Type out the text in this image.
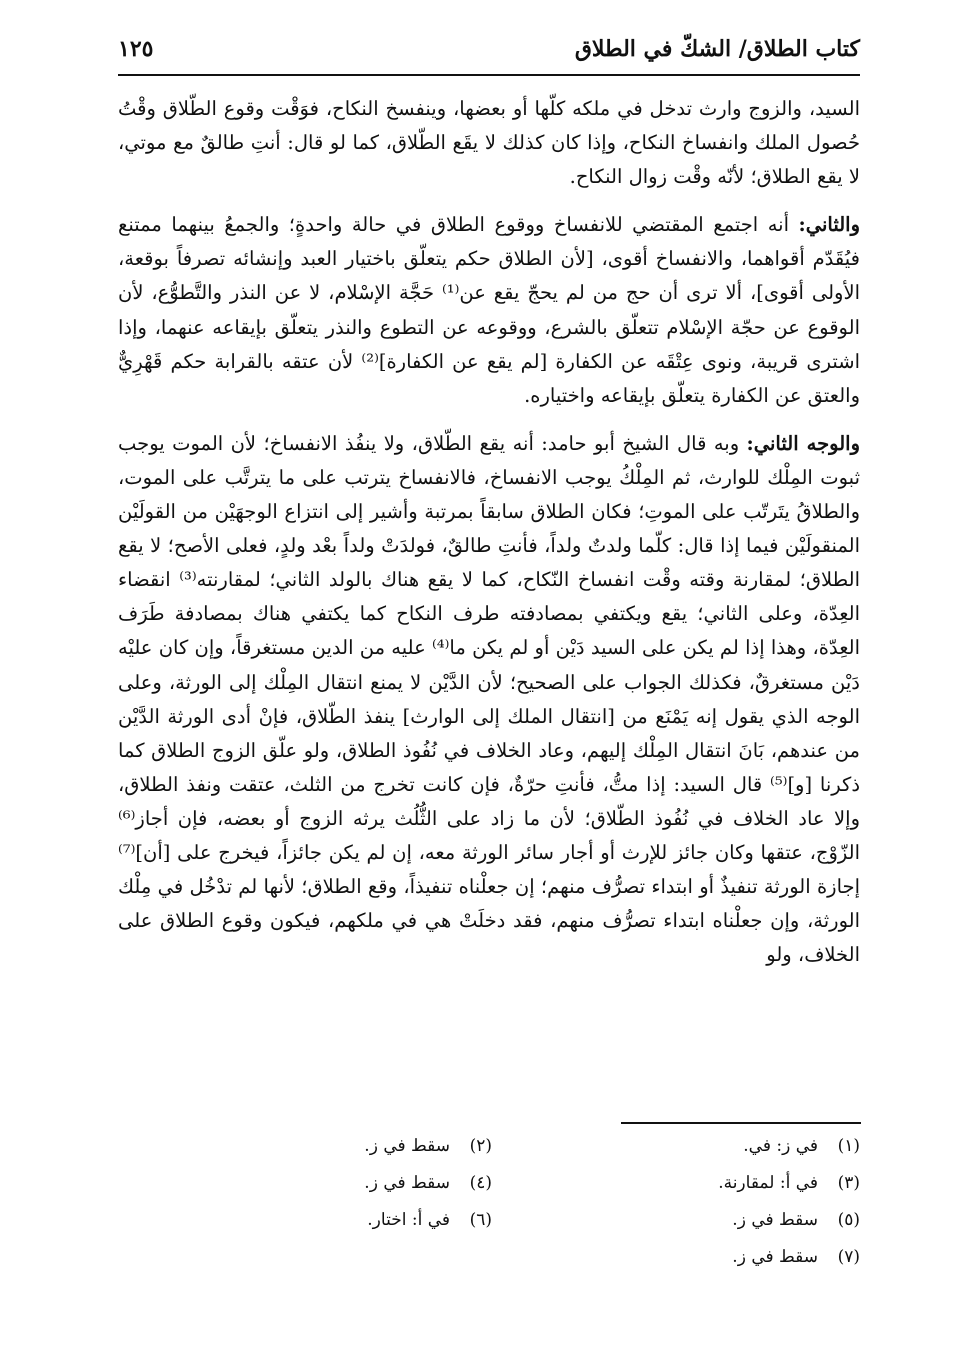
كتاب الطلاق/ الشكّ في الطلاق
١٢٥

السيد، والزوج وارث تدخل في ملكه كلّها أو بعضها، وينفسخ النكاح، فوَقْت وقوع الطّلاق وقْتُ حُصول الملك وانفساخ النكاح، وإذا كان كذلك لا يقَع الطّلاق، كما لو قال: أنتِ طالقٌ مع موتي، لا يقع الطلاق؛ لأنّه وقْت زوال النكاح.

والثاني: أنه اجتمع المقتضي للانفساخ ووقوع الطلاق في حالة واحدةٍ؛ والجمعُ بينهما ممتنع فيُقَدّم أقواهما، والانفساخ أقوى، [لأن الطلاق حكم يتعلّق باختيار العبد وإنشائه تصرفاً بوقعة، الأولى أقوى]، ألا ترى أن حج من لم يحجّ يقع عن⁽¹⁾ حَجَّة الإسْلام، لا عن النذر والتَّطوُّع، لأن الوقوع عن حجّة الإسْلام تتعلّق بالشرع، ووقوعه عن التطوع والنذر يتعلّق بإيقاعه عنهما، وإذا اشترى قريبة، ونوى عِتْقَه عن الكفارة [لم يقع عن الكفارة]⁽²⁾ لأن عتقه بالقرابة حكم قَهْرِيٌّ والعتق عن الكفارة يتعلّق بإيقاعه واختياره.

والوجه الثاني: وبه قال الشيخ أبو حامد: أنه يقع الطّلاق، ولا ينفُذ الانفساخ؛ لأن الموت يوجب ثبوت المِلْك للوارث، ثم المِلْكُ يوجب الانفساخ، فالانفساخ يترتب على ما يترتَّب على الموت، والطلاقُ يتَرتّب على الموتِ؛ فكان الطلاق سابقاً بمرتبة وأشير إلى انتزاع الوجهَيْن من القولَيْن المنقولَيْن فيما إذا قال: كلّما ولدتٌ ولداً، فأنتِ طالقٌ، فولدَتْ ولداً بعْد ولدٍ، فعلى الأصح؛ لا يقع الطلاق؛ لمقارنة وقته وقْت انفساخ النّكاح، كما لا يقع هناك بالولد الثاني؛ لمقارنته⁽³⁾ انقضاء العِدّة، وعلى الثاني؛ يقع ويكتفي بمصادفته طرف النكاح كما يكتفي هناك بمصادفة طَرَف العِدّة، وهذا إذا لم يكن على السيد دَيْن أو لم يكن ما⁽⁴⁾ عليه من الدين مستغرقاً، وإن كان عليْه دَيْن مستغرقٌ، فكذلك الجواب على الصحيح؛ لأن الدَّيْن لا يمنع انتقال المِلْك إلى الورثة، وعلى الوجه الذي يقول إنه يَمْنَع من [انتقال الملك إلى الوارث] ينفذ الطّلاق، فإنْ أدى الورثة الدَّيْن من عندهم، بَانَ انتقال المِلْك إليهم، وعاد الخلاف في نُفُوذ الطلاق، ولو علّق الزوج الطلاق كما ذكرنا [و]⁽⁵⁾ قال السيد: إذا متُّ، فأنتِ حرّةٌ، فإن كانت تخرج من الثلث، عتقت ونفذ الطلاق، وإلا عاد الخلاف في نُفُوذ الطّلاق؛ لأن ما زاد على الثُّلُث يرثه الزوج أو بعضه، فإن أجاز⁽⁶⁾ الزّوْج، عتقها وكان جائز للإرث أو أجار سائر الورثة معه، إن لم يكن جائزاً، فيخرج على [أن]⁽⁷⁾ إجازة الورثة تنفيذٌ أو ابتداء تصرُّف منهم؛ إن جعلْناه تنفيذاً، وقع الطلاق؛ لأنها لم تدْخُل في مِلْك الورثة، وإن جعلْناه ابتداء تصرُّف منهم، فقد دخلَتْ هي في ملكهم، فيكون وقوع الطلاق على الخلاف، ولو

(١)في ز: في.
(٢)سقط في ز.
(٣)في أ: لمقارنة.
(٤)سقط في ز.
(٥)سقط في ز.
(٦)في أ: اختار.
(٧)سقط في ز.
